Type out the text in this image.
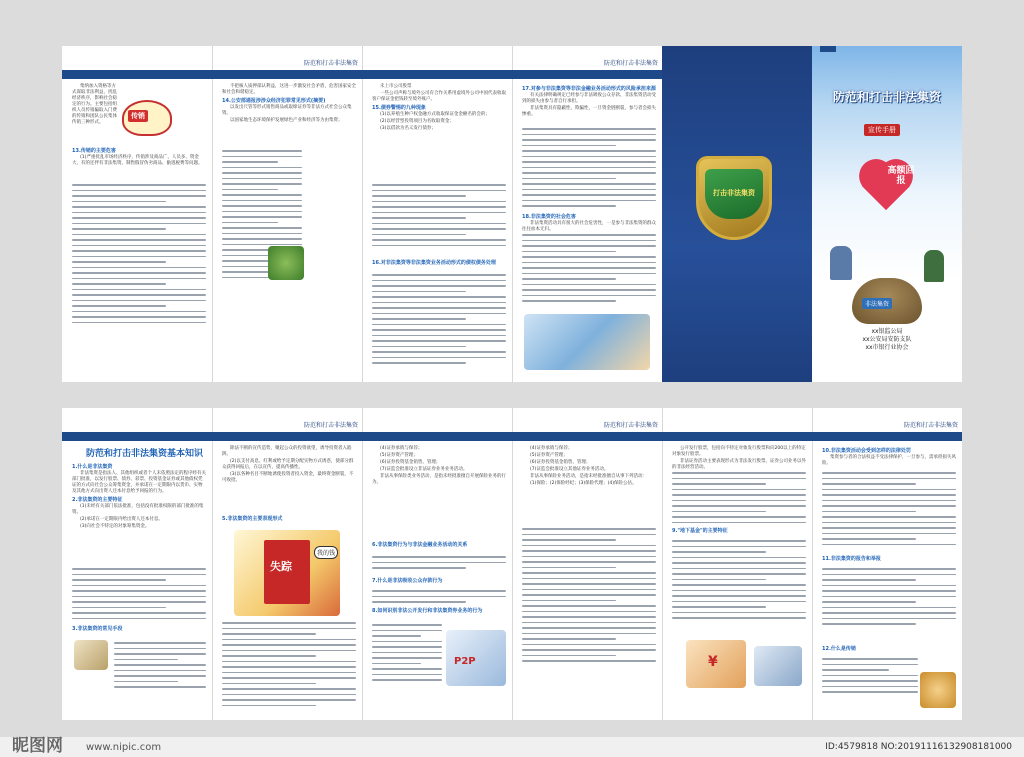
传销

集纳加入资格等方式谋取非法利益，扰乱经济秩序，影响社会稳定的行为。主要包括组织人员传销骗取入门费的传销和团队公民集体传销三种形式。

13.传销的主要危害

(1)严重扰乱市场经济秩序，传销涉及商品广、人员多、资金大，有的还伴有非法集资、制售假冒伪劣商品、偷逃税费等问题。

防范和打击非法集资

不把核人质押部认利益，这进一步激发社会矛盾，危害国家安全和社会和谐稳定。

14.公安部通报涉涉众经济犯罪常见形式(摘要)

以发出尺管等形式销售商品或取缔证券等非法方式社会公众集资。

以国家地生态环境保护发展绿色产业和经济等为由集资；

未上市公司股票

一些公司声称与境外公司有合作关系用虚境外公司中国代表收取客户保证金把钱转至境外账户。

15.债券警惕的九种现象

(1)以养殖生种户权金融方式收取保证金金额名的会的；

(2)以经营型投资项目为名收取资金；

(3)以借款为名义发行债券；

16.对非法集资等非法集资业务活动形式的债权债务处理
防范和打击非法集资
17.对参与非法集资等非法金融业务活动形式的风险承担来源

有关法律明确规定已经参与非法吸收公众存款、非法集资活动受到的损失由参与者自行承担。

非法集资具有隐蔽性、欺骗性，一旦资金链断裂，参与者会损失惨重。

18.非法集资的社会危害

非法集资活动具有很大的社会危害性，一是参与非法集资的群众往往血本无归。

打击非法集资
防范和打击非法集资
宣传手册
高额回报
非法集资
xx银监公局
xx公安局安防支队
xx市银行业协会
防范和打击非法集资基本知识
1.什么是非法集资

非法集资是指法人、其他组织或者个人未依照法定的程序经有关部门批准，以发行股票、债券、彩票、投资基金证券或其他债权凭证的方式向社会公众筹集资金，并承诺在一定期限内以货币、实物及其他方式向出资人还本付息给予回报的行为。

2.非法集资的主要特征

(1)未经有关部门依法批准，包括没有批准权限的部门批准的集资。

(2)承诺在一定期限内给出资人还本付息。

(3)向社会不特定的对象筹集资金。

3.非法集资的常见手段
防范和打击非法集资

除法不断的宣传造势，聚起公众的投资欲望，诱导投资者入陷阱。

(2)以支付高息、红利或给予定期分配实物方式诱惑，使部分群众获得回报后，在以宣传，提高传播性。

(3)以各种名目不断地诱使投资者投入资金，最终资金断裂，不可收拾。

5.非法集资的主要表现形式
失踪
我的钱

(4)证券承销与保荐；

(5)证券资产管理；

(6)证券投资基金销售、管理；

(7)证监会批准设立非法证券业务业务活动。

非法从事保险类业务活动，是指未经批准擅自开展保险业务的行为。

6.非法集资行为与非法金融业务活动的关系
7.什么是非法吸收公众存款行为
8.如何识别非法公开发行和非法集资券业务的行为
P2P
防范和打击非法集资

(4)证券承销与保荐；

(5)证券资产管理；

(6)证券投资基金销售、管理；

(7)证监会批准设立其他证券业务活动。

非法从事保险业务活动，是指未经批准擅自从事下列活动：

(1)保险；(2)保险经纪；(3)保险代理；(4)保险公估。

公开发行股票，包括向不特定对象发行股票和向200以上的特定对象发行股票。

非法证券活动主要表现形式为非法发行股票、证券公司业务以外的非法经营活动。

9."地下基金"的主要特征
¥
防范和打击非法集资
10.非法集资活动会受到怎样的法律处罚

集资参与者的合法权益不受法律保护，一旦参与，需承担损失风险。

11.非法集资的报告和举报
12.什么是传销
昵图网 www.nipic.com	ID:4579818 NO:20191116132908181000
